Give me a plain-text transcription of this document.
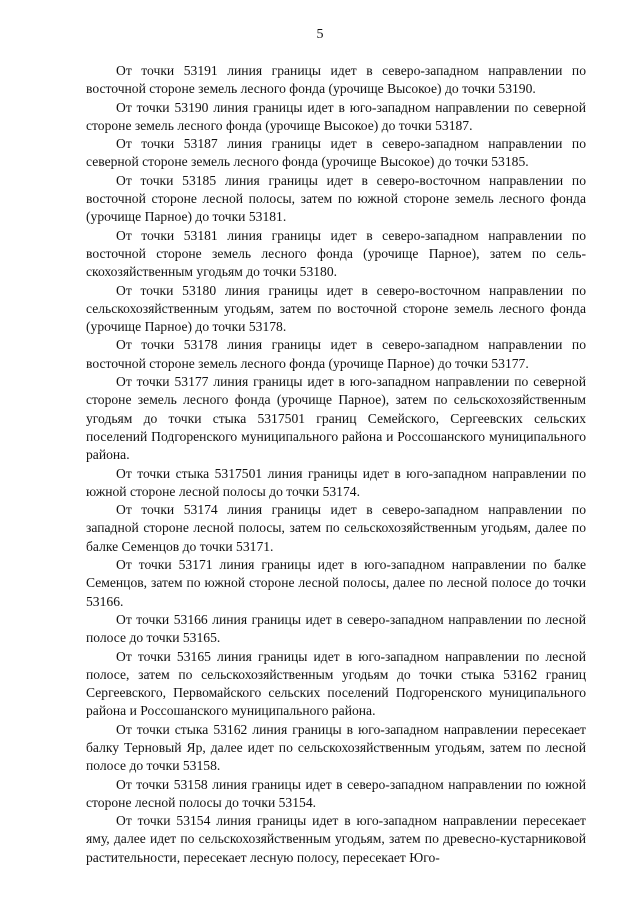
5

От точки 53191 линия границы идет в северо-западном направлении по восточной стороне земель лесного фонда (урочище Высокое) до точки 53190.

От точки 53190 линия границы идет в юго-западном направлении по северной стороне земель лесного фонда (урочище Высокое) до точки 53187.

От точки 53187 линия границы идет в северо-западном направлении по северной стороне земель лесного фонда (урочище Высокое) до точки 53185.

От точки 53185 линия границы идет в северо-восточном направлении по восточной стороне лесной полосы, затем по южной стороне земель лесного фонда (урочище Парное) до точки 53181.

От точки 53181 линия границы идет в северо-западном направлении по восточной стороне земель лесного фонда (урочище Парное), затем по сельскохозяйственным угодьям до точки 53180.

От точки 53180 линия границы идет в северо-восточном направлении по сельскохозяйственным угодьям, затем по восточной стороне земель лесного фонда (урочище Парное) до точки 53178.

От точки 53178 линия границы идет в северо-западном направлении по восточной стороне земель лесного фонда (урочище Парное) до точки 53177.

От точки 53177 линия границы идет в юго-западном направлении по северной стороне земель лесного фонда (урочище Парное), затем по сельскохозяйственным угодьям до точки стыка 5317501 границ Семейского, Сергеевских сельских поселений Подгоренского муниципального района и Россошанского муниципального района.

От точки стыка 5317501 линия границы идет в юго-западном направлении по южной стороне лесной полосы до точки 53174.

От точки 53174 линия границы идет в северо-западном направлении по западной стороне лесной полосы, затем по сельскохозяйственным угодьям, далее по балке Семенцов до точки 53171.

От точки 53171 линия границы идет в юго-западном направлении по балке Семенцов, затем по южной стороне лесной полосы, далее по лесной полосе до точки 53166.

От точки 53166 линия границы идет в северо-западном направлении по лесной полосе до точки 53165.

От точки 53165 линия границы идет в юго-западном направлении по лесной полосе, затем по сельскохозяйственным угодьям до точки стыка 53162 границ Сергеевского, Первомайского сельских поселений Подгоренского муниципального района и Россошанского муниципального района.

От точки стыка 53162 линия границы в юго-западном направлении пересекает балку Терновый Яр, далее идет по сельскохозяйственным угодьям, затем по лесной полосе до точки 53158.

От точки 53158 линия границы идет в северо-западном направлении по южной стороне лесной полосы до точки 53154.

От точки 53154 линия границы идет в юго-западном направлении пересекает яму, далее идет по сельскохозяйственным угодьям, затем по древесно-кустарниковой растительности, пересекает лесную полосу, пересекает Юго-
